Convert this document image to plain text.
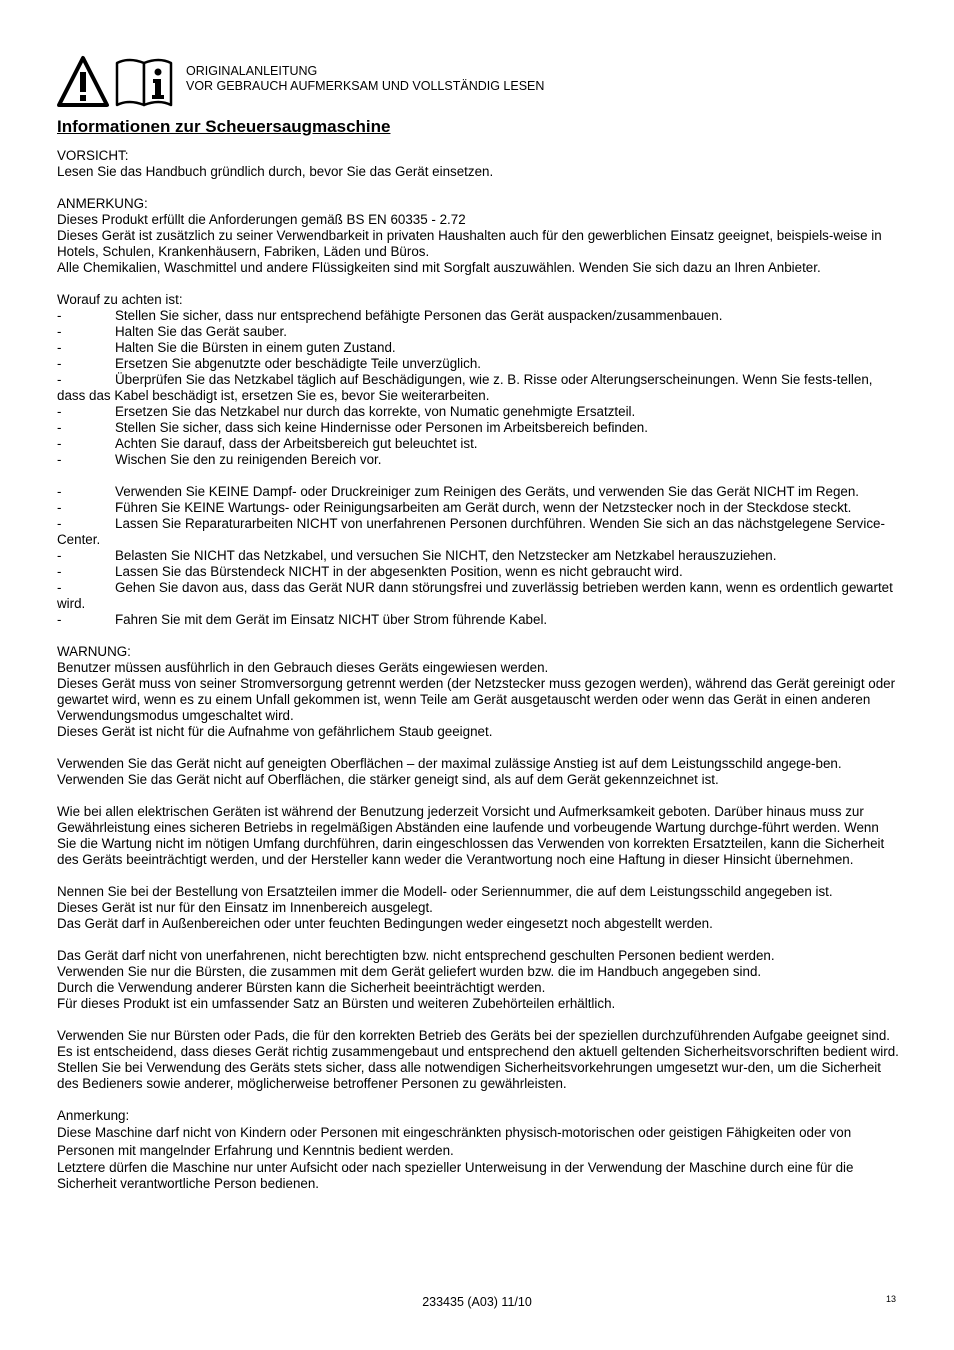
ORIGINALANLEITUNG
VOR GEBRAUCH AUFMERKSAM UND VOLLSTÄNDIG LESEN
Informationen zur Scheuersaugmaschine
VORSICHT:
Lesen Sie das Handbuch gründlich durch, bevor Sie das Gerät einsetzen.
ANMERKUNG:
Dieses Produkt erfüllt die Anforderungen gemäß BS EN 60335 - 2.72
Dieses Gerät ist zusätzlich zu seiner Verwendbarkeit in privaten Haushalten auch für den gewerblichen Einsatz geeignet, beispiels-weise in Hotels, Schulen, Krankenhäusern, Fabriken, Läden und Büros.
Alle Chemikalien, Waschmittel und andere Flüssigkeiten sind mit Sorgfalt auszuwählen. Wenden Sie sich dazu an Ihren Anbieter.
Worauf zu achten ist:
-	Stellen Sie sicher, dass nur entsprechend befähigte Personen das Gerät auspacken/zusammenbauen.
-	Halten Sie das Gerät sauber.
-	Halten Sie die Bürsten in einem guten Zustand.
-	Ersetzen Sie abgenutzte oder beschädigte Teile unverzüglich.
-	Überprüfen Sie das Netzkabel täglich auf Beschädigungen, wie z. B. Risse oder Alterungserscheinungen. Wenn Sie fests-tellen, dass das Kabel beschädigt ist, ersetzen Sie es, bevor Sie weiterarbeiten.
-	Ersetzen Sie das Netzkabel nur durch das korrekte, von Numatic genehmigte Ersatzteil.
-	Stellen Sie sicher, dass sich keine Hindernisse oder Personen im Arbeitsbereich befinden.
-	Achten Sie darauf, dass der Arbeitsbereich gut beleuchtet ist.
-	Wischen Sie den zu reinigenden Bereich vor.
-	Verwenden Sie KEINE Dampf- oder Druckreiniger zum Reinigen des Geräts, und verwenden Sie das Gerät NICHT im Regen.
-	Führen Sie KEINE Wartungs- oder Reinigungsarbeiten am Gerät durch, wenn der Netzstecker noch in der Steckdose steckt.
-	Lassen Sie Reparaturarbeiten NICHT von unerfahrenen Personen durchführen. Wenden Sie sich an das nächstgelegene Service-Center.
-	Belasten Sie NICHT das Netzkabel, und versuchen Sie NICHT, den Netzstecker am Netzkabel herauszuziehen.
-	Lassen Sie das Bürstendeck NICHT in der abgesenkten Position, wenn es nicht gebraucht wird.
-	Gehen Sie davon aus, dass das Gerät NUR dann störungsfrei und zuverlässig betrieben werden kann, wenn es ordentlich gewartet wird.
-	Fahren Sie mit dem Gerät im Einsatz NICHT über Strom führende Kabel.
WARNUNG:
Benutzer müssen ausführlich in den Gebrauch dieses Geräts eingewiesen werden.
Dieses Gerät muss von seiner Stromversorgung getrennt werden (der Netzstecker muss gezogen werden), während das Gerät gereinigt oder gewartet wird, wenn es zu einem Unfall gekommen ist, wenn Teile am Gerät ausgetauscht werden oder wenn das Gerät in einen anderen Verwendungsmodus umgeschaltet wird.
Dieses Gerät ist nicht für die Aufnahme von gefährlichem Staub geeignet.
Verwenden Sie das Gerät nicht auf geneigten Oberflächen – der maximal zulässige Anstieg ist auf dem Leistungsschild angege-ben.
Verwenden Sie das Gerät nicht auf Oberflächen, die stärker geneigt sind, als auf dem Gerät gekennzeichnet ist.
Wie bei allen elektrischen Geräten ist während der Benutzung jederzeit Vorsicht und Aufmerksamkeit geboten. Darüber hinaus muss zur Gewährleistung eines sicheren Betriebs in regelmäßigen Abständen eine laufende und vorbeugende Wartung durchge-führt werden. Wenn Sie die Wartung nicht im nötigen Umfang durchführen, darin eingeschlossen das Verwenden von korrekten Ersatzteilen, kann die Sicherheit des Geräts beeinträchtigt werden, und der Hersteller kann weder die Verantwortung noch eine Haftung in dieser Hinsicht übernehmen.
Nennen Sie bei der Bestellung von Ersatzteilen immer die Modell- oder Seriennummer, die auf dem Leistungsschild angegeben ist.
Dieses Gerät ist nur für den Einsatz im Innenbereich ausgelegt.
Das Gerät darf in Außenbereichen oder unter feuchten Bedingungen weder eingesetzt noch abgestellt werden.
Das Gerät darf nicht von unerfahrenen, nicht berechtigten bzw. nicht entsprechend geschulten Personen bedient werden.
Verwenden Sie nur die Bürsten, die zusammen mit dem Gerät geliefert wurden bzw. die im Handbuch angegeben sind.
Durch die Verwendung anderer Bürsten kann die Sicherheit beeinträchtigt werden.
Für dieses Produkt ist ein umfassender Satz an Bürsten und weiteren Zubehörteilen erhältlich.
Verwenden Sie nur Bürsten oder Pads, die für den korrekten Betrieb des Geräts bei der speziellen durchzuführenden Aufgabe geeignet sind.
Es ist entscheidend, dass dieses Gerät richtig zusammengebaut und entsprechend den aktuell geltenden Sicherheitsvorschriften bedient wird. Stellen Sie bei Verwendung des Geräts stets sicher, dass alle notwendigen Sicherheitsvorkehrungen umgesetzt wur-den, um die Sicherheit des Bedieners sowie anderer, möglicherweise betroffener Personen zu gewährleisten.
Anmerkung:
Diese Maschine darf nicht von Kindern oder Personen mit eingeschränkten physisch-motorischen oder geistigen Fähigkeiten oder von Personen mit mangelnder Erfahrung und Kenntnis bedient werden.
Letztere dürfen die Maschine nur unter Aufsicht oder nach spezieller Unterweisung in der Verwendung der Maschine durch eine für die Sicherheit verantwortliche Person bedienen.
233435 (A03) 11/10	13
